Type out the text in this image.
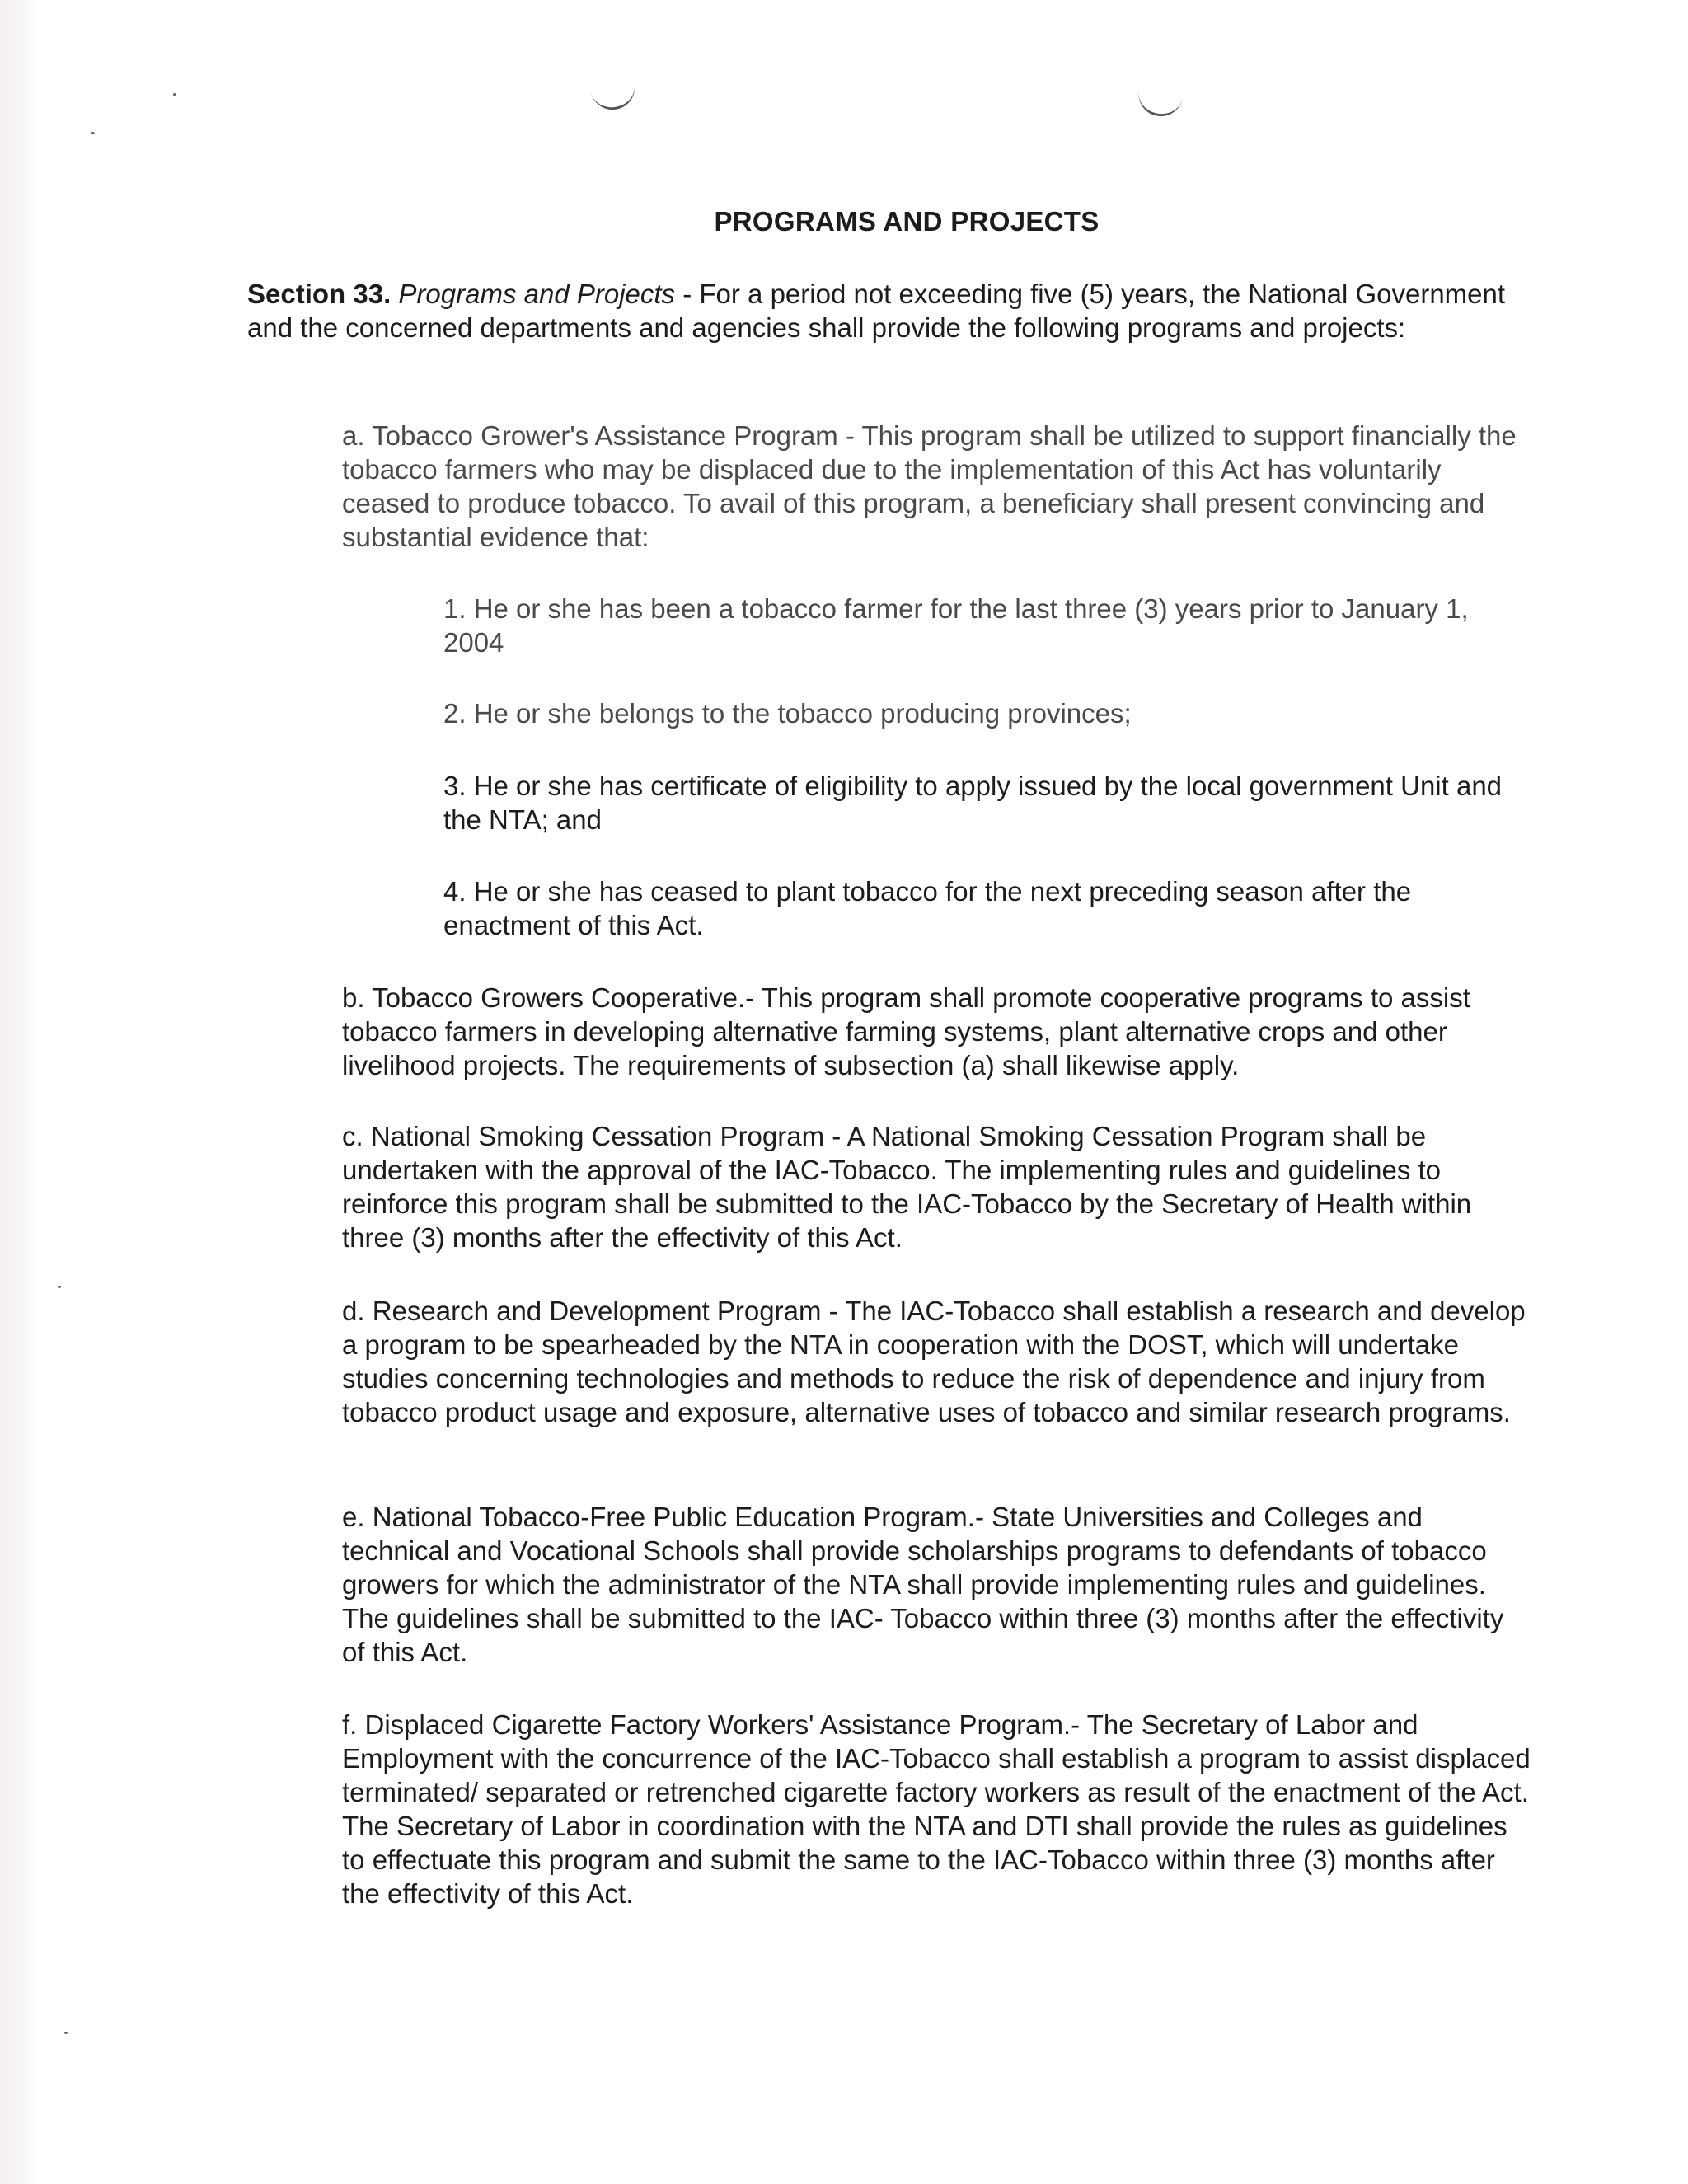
PROGRAMS AND PROJECTS

Section 33. Programs and Projects - For a period not exceeding five (5) years, the National Government and the concerned departments and agencies shall provide the following programs and projects:

a. Tobacco Grower's Assistance Program - This program shall be utilized to support financially the tobacco farmers who may be displaced due to the implementation of this Act has voluntarily ceased to produce tobacco. To avail of this program, a beneficiary shall present convincing and substantial evidence that:

1. He or she has been a tobacco farmer for the last three (3) years prior to January 1, 2004

2. He or she belongs to the tobacco producing provinces;

3. He or she has certificate of eligibility to apply issued by the local government Unit and the NTA; and

4. He or she has ceased to plant tobacco for the next preceding season after the enactment of this Act.

b. Tobacco Growers Cooperative.- This program shall promote cooperative programs to assist tobacco farmers in developing alternative farming systems, plant alternative crops and other livelihood projects. The requirements of subsection (a) shall likewise apply.

c. National Smoking Cessation Program - A National Smoking Cessation Program shall be undertaken with the approval of the IAC-Tobacco. The implementing rules and guidelines to reinforce this program shall be submitted to the IAC-Tobacco by the Secretary of Health within three (3) months after the effectivity of this Act.

d. Research and Development Program - The IAC-Tobacco shall establish a research and develop a program to be spearheaded by the NTA in cooperation with the DOST, which will undertake studies concerning technologies and methods to reduce the risk of dependence and injury from tobacco product usage and exposure, alternative uses of tobacco and similar research programs.

e. National Tobacco-Free Public Education Program.- State Universities and Colleges and technical and Vocational Schools shall provide scholarships programs to defendants of tobacco growers for which the administrator of the NTA shall provide implementing rules and guidelines. The guidelines shall be submitted to the IAC- Tobacco within three (3) months after the effectivity of this Act.

f. Displaced Cigarette Factory Workers' Assistance Program.- The Secretary of Labor and Employment with the concurrence of the IAC-Tobacco shall establish a program to assist displaced terminated/ separated or retrenched cigarette factory workers as result of the enactment of the Act. The Secretary of Labor in coordination with the NTA and DTI shall provide the rules as guidelines to effectuate this program and submit the same to the IAC-Tobacco within three (3) months after the effectivity of this Act.
